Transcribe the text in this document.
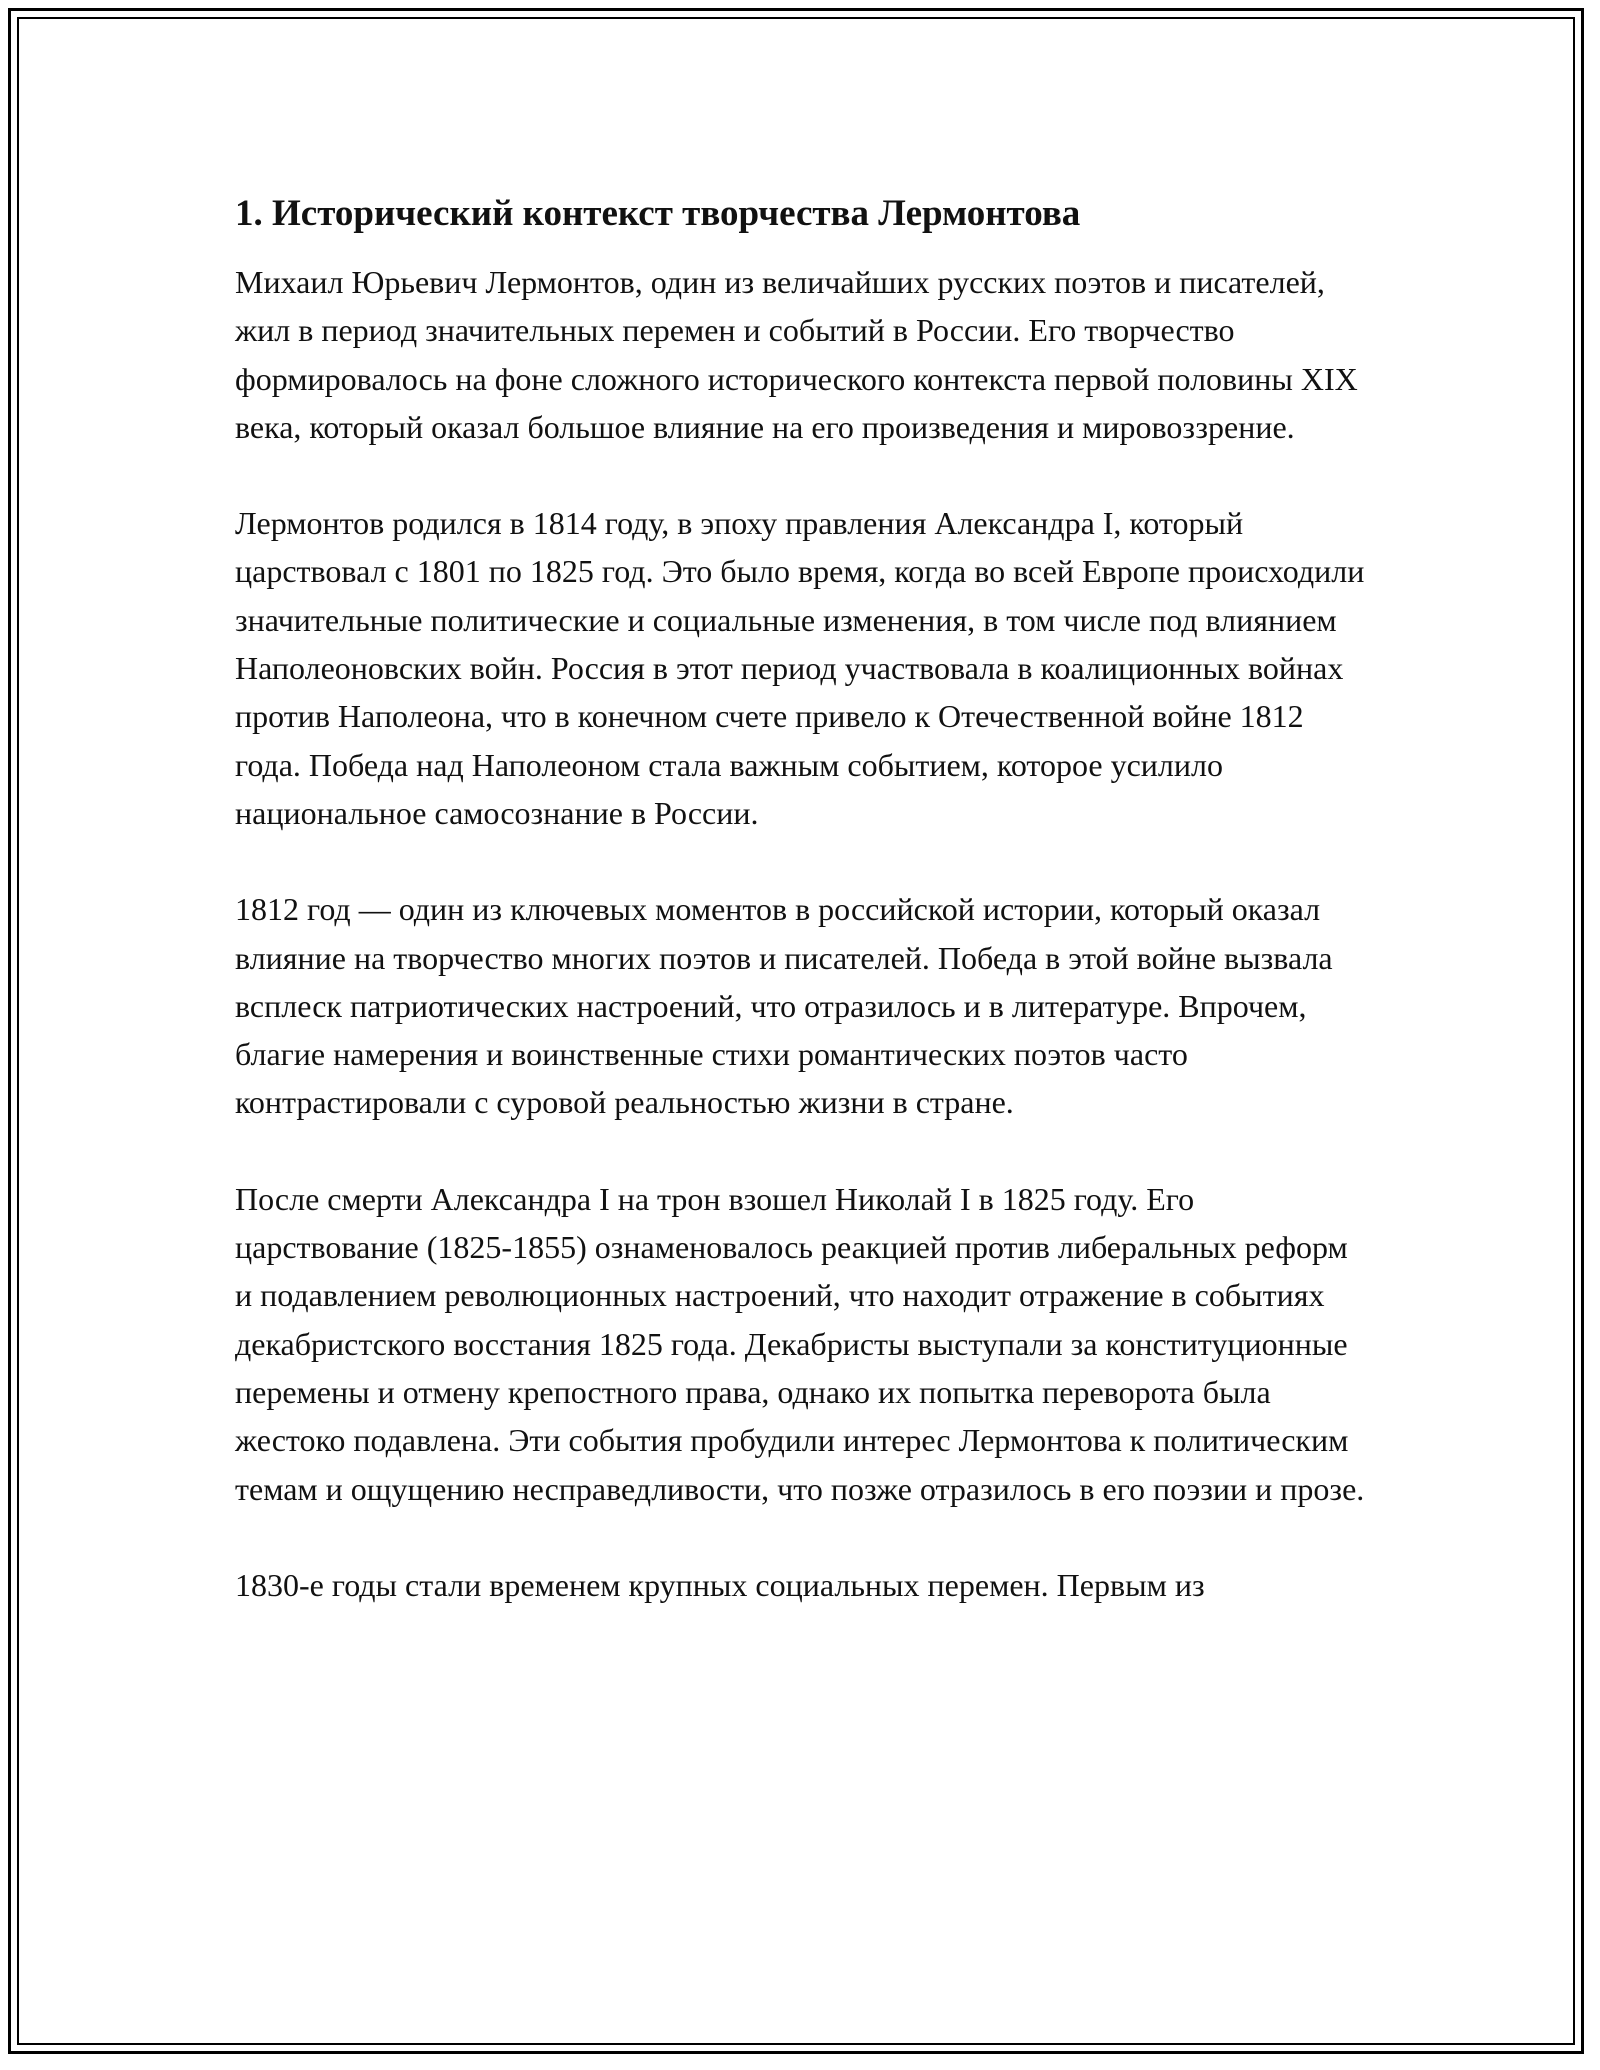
1. Исторический контекст творчества Лермонтова

Михаил Юрьевич Лермонтов, один из величайших русских поэтов и писателей, жил в период значительных перемен и событий в России. Его творчество формировалось на фоне сложного исторического контекста первой половины XIX века, который оказал большое влияние на его произведения и мировоззрение.

Лермонтов родился в 1814 году, в эпоху правления Александра I, который царствовал с 1801 по 1825 год. Это было время, когда во всей Европе происходили значительные политические и социальные изменения, в том числе под влиянием Наполеоновских войн. Россия в этот период участвовала в коалиционных войнах против Наполеона, что в конечном счете привело к Отечественной войне 1812 года. Победа над Наполеоном стала важным событием, которое усилило национальное самосознание в России.

1812 год — один из ключевых моментов в российской истории, который оказал влияние на творчество многих поэтов и писателей. Победа в этой войне вызвала всплеск патриотических настроений, что отразилось и в литературе. Впрочем, благие намерения и воинственные стихи романтических поэтов часто контрастировали с суровой реальностью жизни в стране.

После смерти Александра I на трон взошел Николай I в 1825 году. Его царствование (1825-1855) ознаменовалось реакцией против либеральных реформ и подавлением революционных настроений, что находит отражение в событиях декабристского восстания 1825 года. Декабристы выступали за конституционные перемены и отмену крепостного права, однако их попытка переворота была жестоко подавлена. Эти события пробудили интерес Лермонтова к политическим темам и ощущению несправедливости, что позже отразилось в его поэзии и прозе.

1830-е годы стали временем крупных социальных перемен. Первым из
